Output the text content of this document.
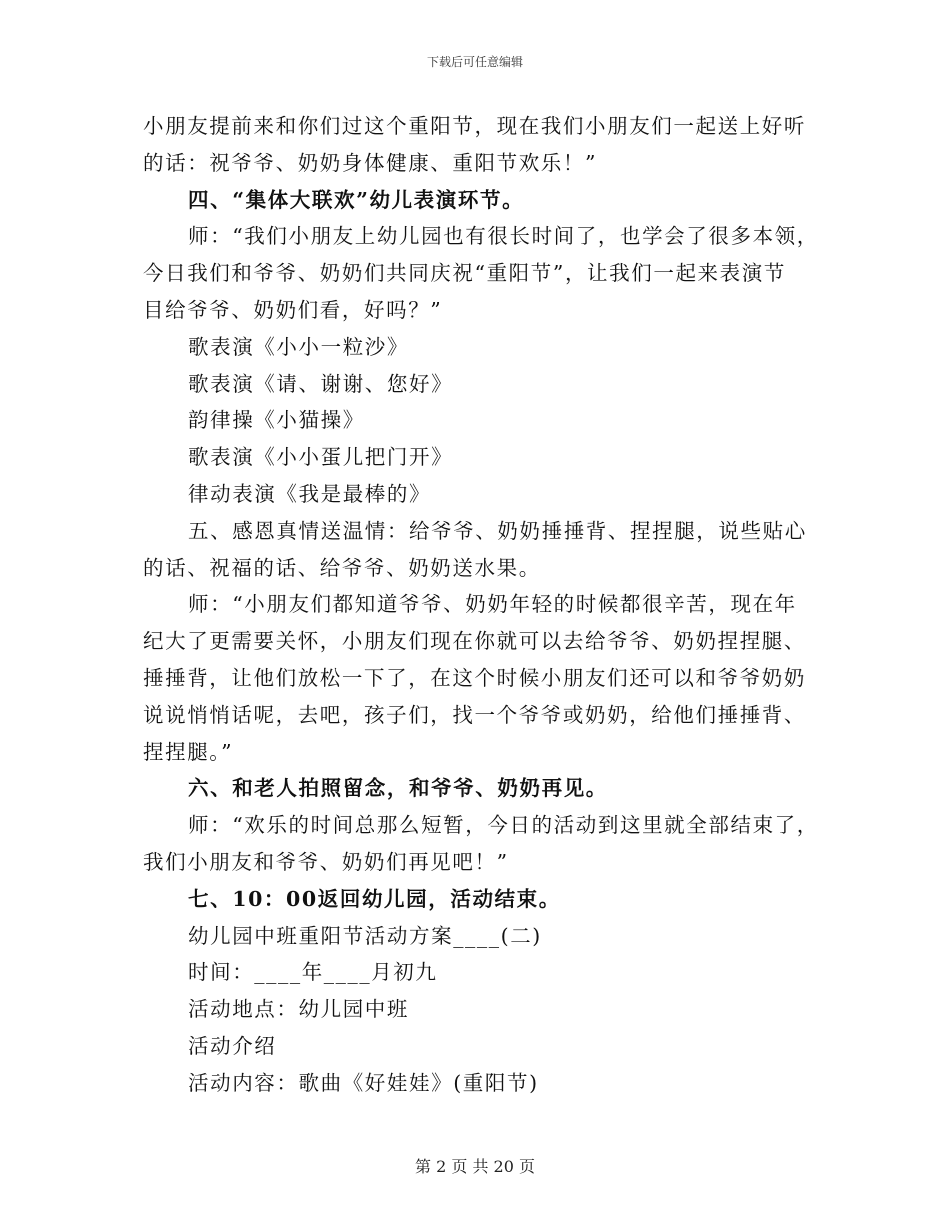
下载后可任意编辑
小朋友提前来和你们过这个重阳节，现在我们小朋友们一起送上好听
的话：祝爷爷、奶奶身体健康、重阳节欢乐！”
四、“集体大联欢”幼儿表演环节。
师：“我们小朋友上幼儿园也有很长时间了，也学会了很多本领，
今日我们和爷爷、奶奶们共同庆祝“重阳节”，让我们一起来表演节
目给爷爷、奶奶们看，好吗？”
歌表演《小小一粒沙》
歌表演《请、谢谢、您好》
韵律操《小猫操》
歌表演《小小蛋儿把门开》
律动表演《我是最棒的》
五、感恩真情送温情：给爷爷、奶奶捶捶背、捏捏腿，说些贴心
的话、祝福的话、给爷爷、奶奶送水果。
师：“小朋友们都知道爷爷、奶奶年轻的时候都很辛苦，现在年
纪大了更需要关怀，小朋友们现在你就可以去给爷爷、奶奶捏捏腿、
捶捶背，让他们放松一下了，在这个时候小朋友们还可以和爷爷奶奶
说说悄悄话呢，去吧，孩子们，找一个爷爷或奶奶，给他们捶捶背、
捏捏腿。”
六、和老人拍照留念，和爷爷、奶奶再见。
师：“欢乐的时间总那么短暂，今日的活动到这里就全部结束了，
我们小朋友和爷爷、奶奶们再见吧！”
七、10：00返回幼儿园，活动结束。
幼儿园中班重阳节活动方案____(二)
时间：____年____月初九
活动地点：幼儿园中班
活动介绍
活动内容：歌曲《好娃娃》(重阳节)
第 2 页 共 20 页
